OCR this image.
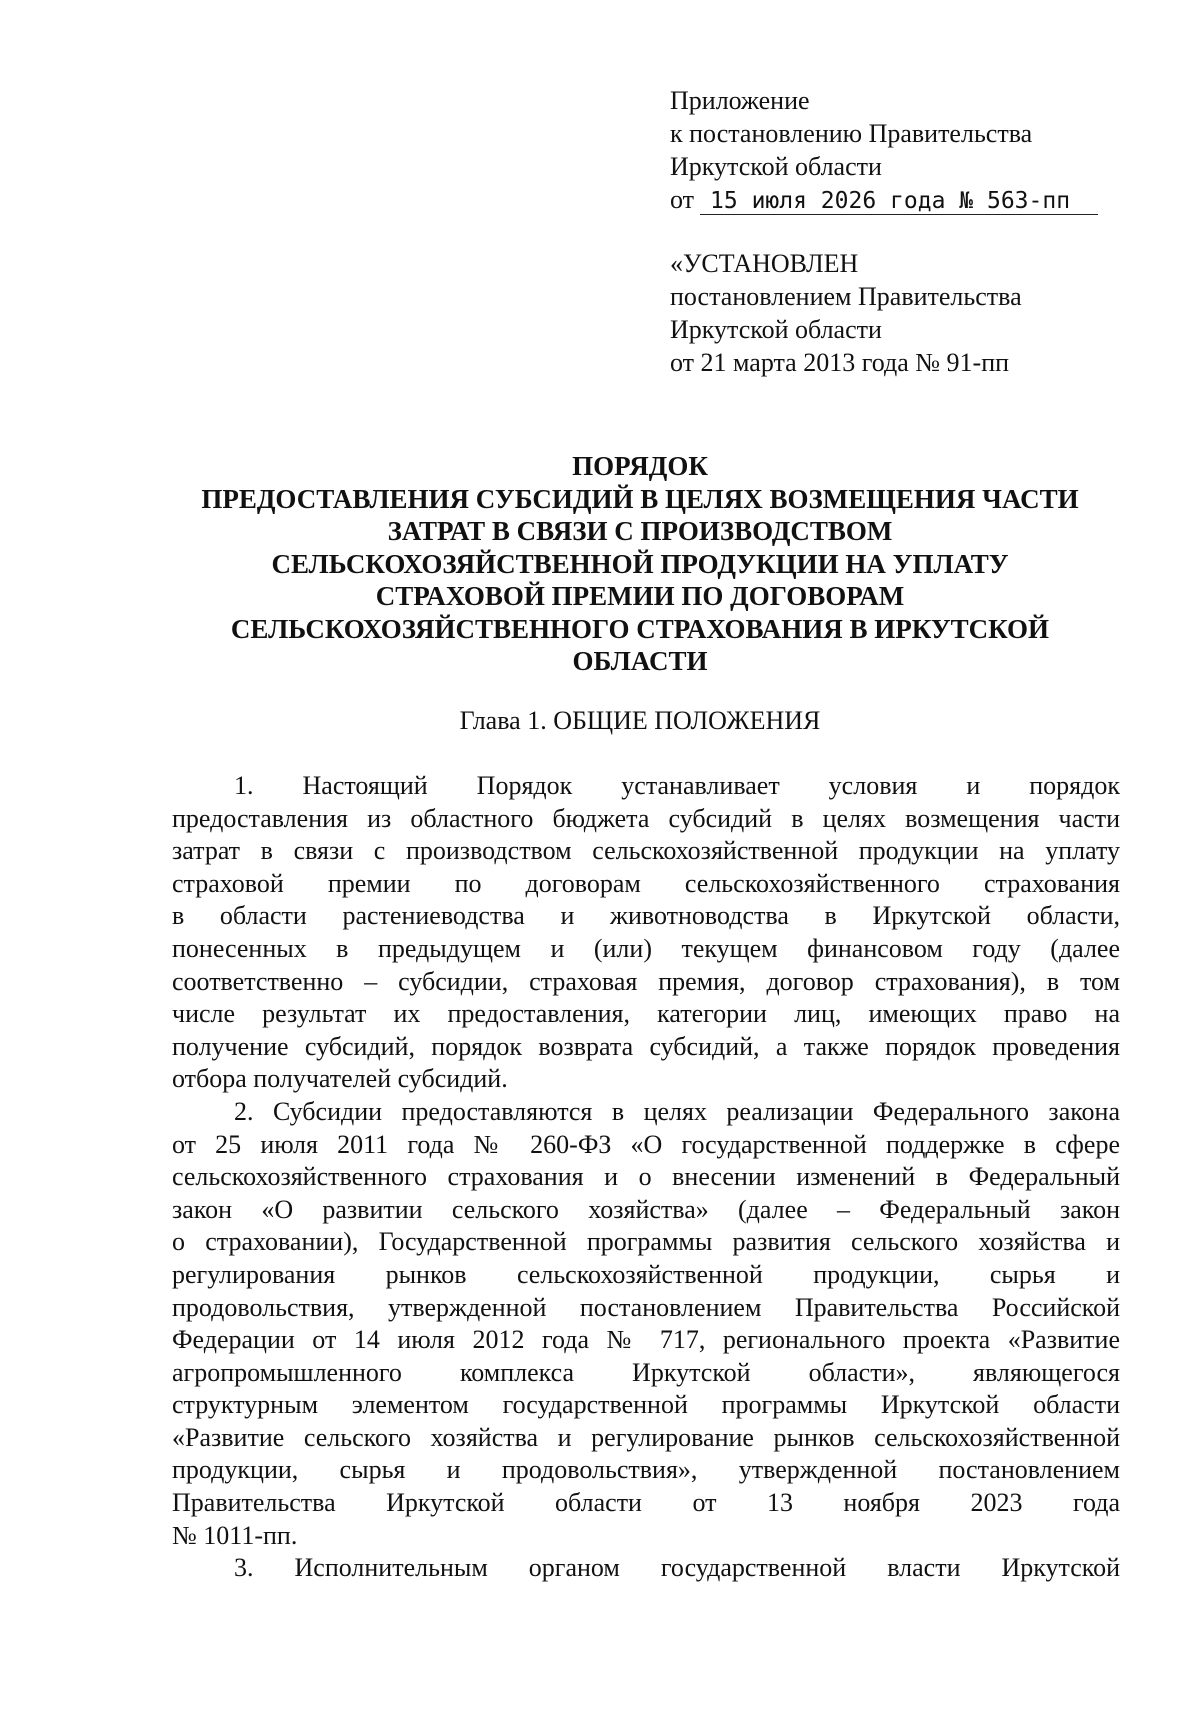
Приложение
к постановлению Правительства
Иркутской области
от 15 июля 2026 года № 563-пп
«УСТАНОВЛЕН
постановлением Правительства
Иркутской области
от 21 марта 2013 года № 91-пп
ПОРЯДОК
ПРЕДОСТАВЛЕНИЯ СУБСИДИЙ В ЦЕЛЯХ ВОЗМЕЩЕНИЯ ЧАСТИ
ЗАТРАТ В СВЯЗИ С ПРОИЗВОДСТВОМ
СЕЛЬСКОХОЗЯЙСТВЕННОЙ ПРОДУКЦИИ НА УПЛАТУ
СТРАХОВОЙ ПРЕМИИ ПО ДОГОВОРАМ
СЕЛЬСКОХОЗЯЙСТВЕННОГО СТРАХОВАНИЯ В ИРКУТСКОЙ
ОБЛАСТИ
Глава 1. ОБЩИЕ ПОЛОЖЕНИЯ
1. Настоящий Порядок устанавливает условия и порядок
предоставления из областного бюджета субсидий в целях возмещения части
затрат в связи с производством сельскохозяйственной продукции на уплату
страховой премии по договорам сельскохозяйственного страхования
в области растениеводства и животноводства в Иркутской области,
понесенных в предыдущем и (или) текущем финансовом году (далее
соответственно – субсидии, страховая премия, договор страхования), в том
числе результат их предоставления, категории лиц, имеющих право на
получение субсидий, порядок возврата субсидий, а также порядок проведения
отбора получателей субсидий.
2. Субсидии предоставляются в целях реализации Федерального закона
от 25 июля 2011 года № 260-ФЗ «О государственной поддержке в сфере
сельскохозяйственного страхования и о внесении изменений в Федеральный
закон «О развитии сельского хозяйства» (далее – Федеральный закон
о страховании), Государственной программы развития сельского хозяйства и
регулирования рынков сельскохозяйственной продукции, сырья и
продовольствия, утвержденной постановлением Правительства Российской
Федерации от 14 июля 2012 года № 717, регионального проекта «Развитие
агропромышленного комплекса Иркутской области», являющегося
структурным элементом государственной программы Иркутской области
«Развитие сельского хозяйства и регулирование рынков сельскохозяйственной
продукции, сырья и продовольствия», утвержденной постановлением
Правительства Иркутской области от 13 ноября 2023 года
№ 1011-пп.
3. Исполнительным органом государственной власти Иркутской
